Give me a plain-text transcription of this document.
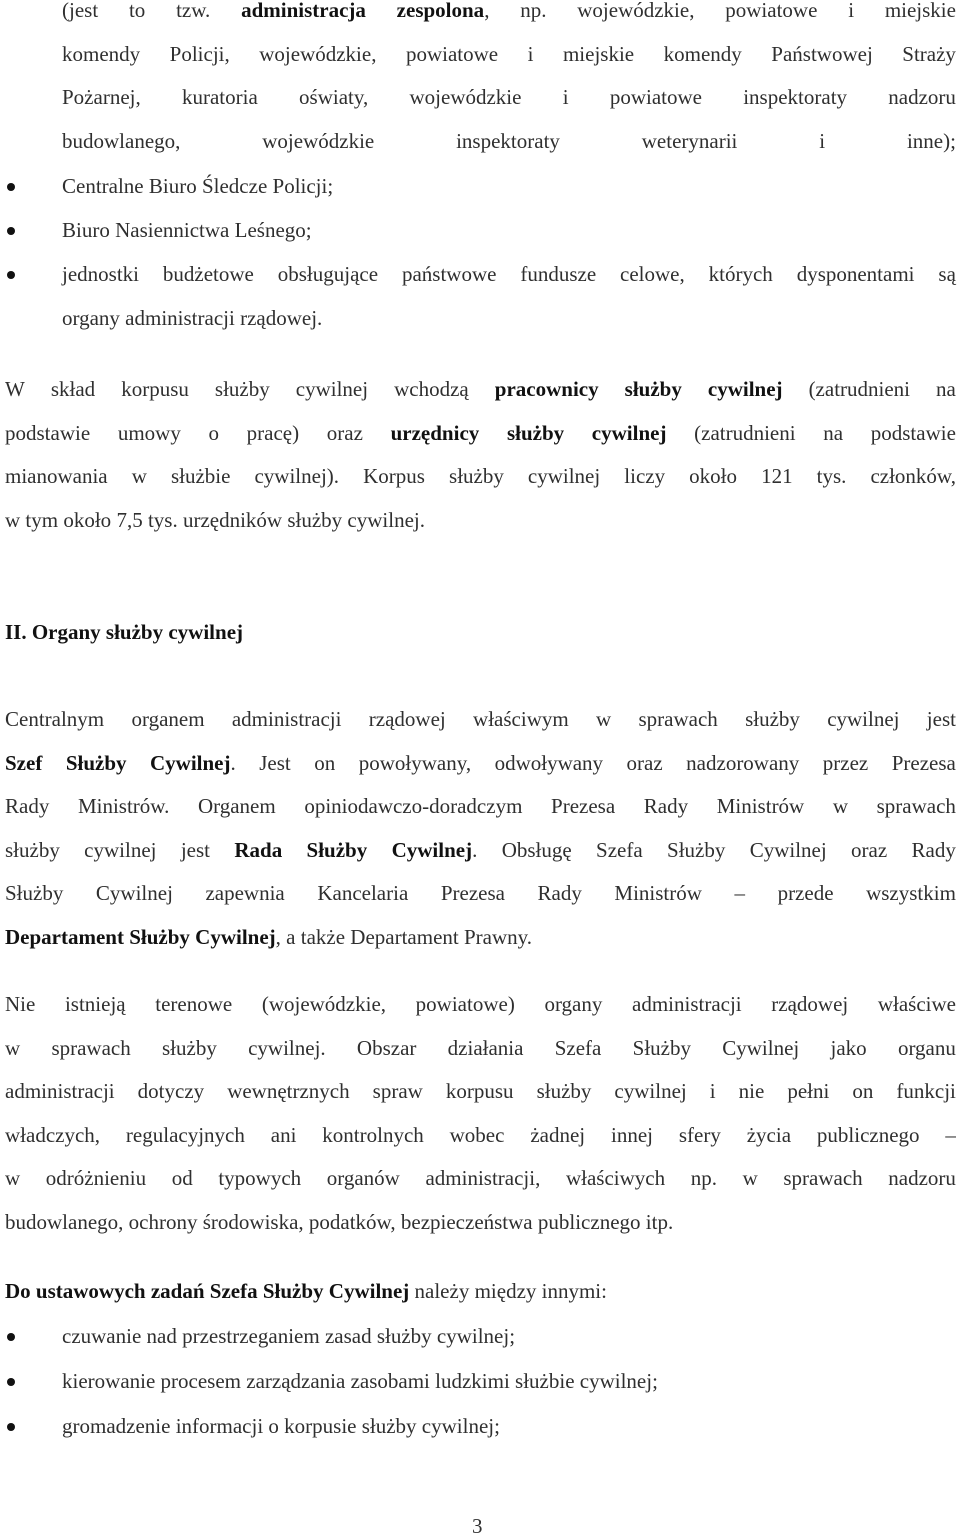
(jest to tzw. administracja zespolona, np. wojewódzkie, powiatowe i miejskie
komendy Policji, wojewódzkie, powiatowe i miejskie komendy Państwowej Straży
Pożarnej, kuratoria oświaty, wojewódzkie i powiatowe inspektoraty nadzoru
budowlanego,	wojewódzkie	inspektoraty	weterynarii	i	inne);
Centralne Biuro Śledcze Policji;
Biuro Nasiennictwa Leśnego;
jednostki budżetowe obsługujące państwowe fundusze celowe, których dysponentami są
organy administracji rządowej.
W skład korpusu służby cywilnej wchodzą pracownicy służby cywilnej (zatrudnieni na
podstawie umowy o pracę) oraz urzędnicy służby cywilnej (zatrudnieni na podstawie
mianowania w służbie cywilnej). Korpus służby cywilnej liczy około 121 tys. członków,
w tym około 7,5 tys. urzędników służby cywilnej.
II. Organy służby cywilnej
Centralnym organem administracji rządowej właściwym w sprawach służby cywilnej jest
Szef Służby Cywilnej. Jest on powoływany, odwoływany oraz nadzorowany przez Prezesa
Rady Ministrów. Organem opiniodawczo-doradczym Prezesa Rady Ministrów w sprawach
służby cywilnej jest Rada Służby Cywilnej. Obsługę Szefa Służby Cywilnej oraz Rady
Służby Cywilnej zapewnia Kancelaria Prezesa Rady Ministrów – przede wszystkim
Departament Służby Cywilnej, a także Departament Prawny.
Nie istnieją terenowe (wojewódzkie, powiatowe) organy administracji rządowej właściwe
w sprawach służby cywilnej. Obszar działania Szefa Służby Cywilnej jako organu
administracji dotyczy wewnętrznych spraw korpusu służby cywilnej i nie pełni on funkcji
władczych, regulacyjnych ani kontrolnych wobec żadnej innej sfery życia publicznego –
w odróżnieniu od typowych organów administracji, właściwych np. w sprawach nadzoru
budowlanego, ochrony środowiska, podatków, bezpieczeństwa publicznego itp.
Do ustawowych zadań Szefa Służby Cywilnej należy między innymi:
czuwanie nad przestrzeganiem zasad służby cywilnej;
kierowanie procesem zarządzania zasobami ludzkimi służbie cywilnej;
gromadzenie informacji o korpusie służby cywilnej;
3
